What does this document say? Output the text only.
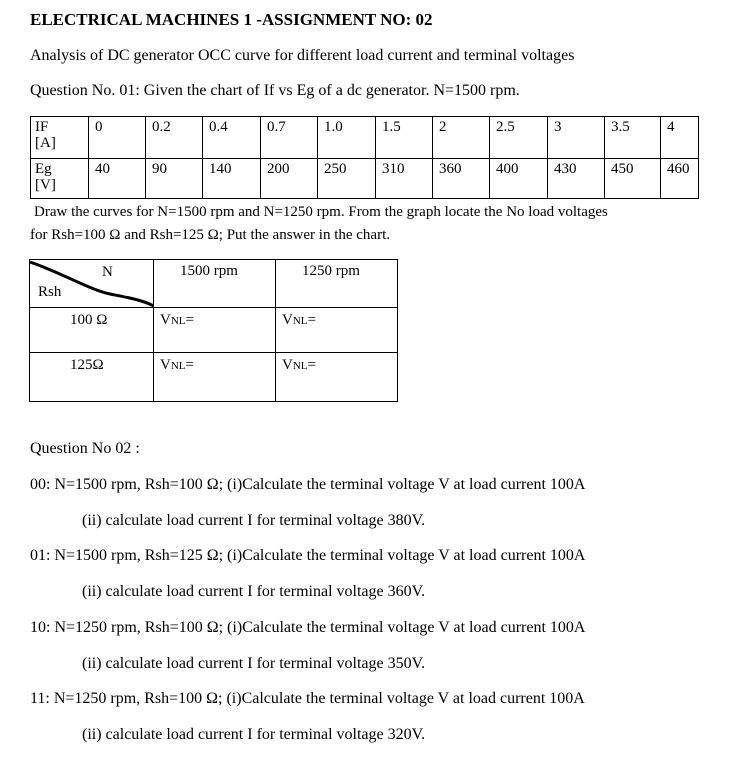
ELECTRICAL MACHINES 1 -ASSIGNMENT NO: 02
Analysis of DC generator OCC curve for different load current and terminal voltages
Question No. 01: Given the chart of If vs Eg of a dc generator. N=1500 rpm.
IF
[A]	0	0.2	0.4	0.7	1.0	1.5	2	2.5	3	3.5	4

Eg
[V]	40	90	140	200	250	310	360	400	430	450	460
Draw the curves for N=1500 rpm and N=1250 rpm. From the graph locate the No load voltages
for Rsh=100 Ω and Rsh=125 Ω; Put the answer in the chart.
N
Rsh	1500 rpm	1250 rpm
100 Ω	VNL=	VNL=
125Ω	VNL=	VNL=
Question No 02 :
00: N=1500 rpm, Rsh=100 Ω; (i)Calculate the terminal voltage V at load current 100A
(ii) calculate load current I for terminal voltage 380V.
01: N=1500 rpm, Rsh=125 Ω; (i)Calculate the terminal voltage V at load current 100A
(ii) calculate load current I for terminal voltage 360V.
10: N=1250 rpm, Rsh=100 Ω; (i)Calculate the terminal voltage V at load current 100A
(ii) calculate load current I for terminal voltage 350V.
11: N=1250 rpm, Rsh=100 Ω; (i)Calculate the terminal voltage V at load current 100A
(ii) calculate load current I for terminal voltage 320V.
